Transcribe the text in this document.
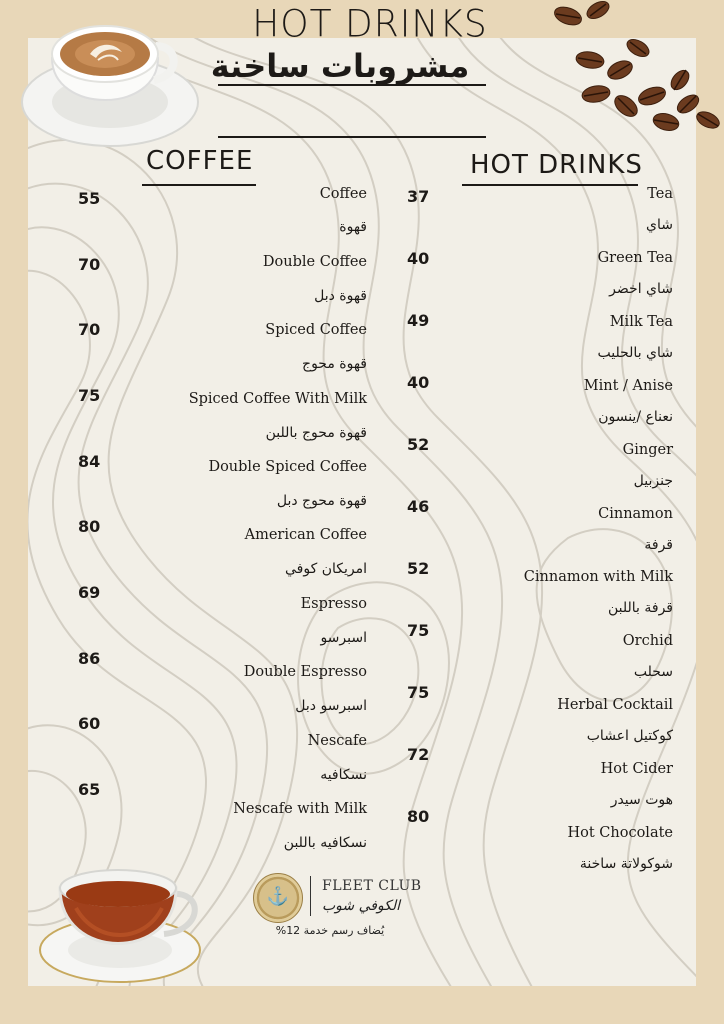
HOT DRINKS
مشروبات ساخنة
COFFEE	HOT DRINKS
Coffee
قهوة
55
Double Coffee
قهوة دبل
70
Spiced Coffee
قهوة محوج
70
Spiced Coffee With Milk
قهوة محوج باللبن
75
Double Spiced Coffee
قهوة محوج دبل
84
American Coffee
امريكان كوفي
80
Espresso
اسبرسو
69
Double Espresso
اسبرسو دبل
86
Nescafe
نسكافيه
60
Nescafe with Milk
نسكافيه باللبن
65
Tea
شاي
37
Green Tea
شاي اخضر
40
Milk Tea
شاي بالحليب
49
Mint / Anise
نعناع /ينسون
40
Ginger
جنزبيل
52
Cinnamon
قرفة
46
Cinnamon with Milk
قرفة باللبن
52
Orchid
سحلب
75
Herbal Cocktail
كوكتيل اعشاب
75
Hot Cider
هوت سيدر
72
Hot Chocolate
شوكولاتة ساخنة
80
⚓	FLEET CLUB
الكوفي شوب
يُضاف رسم خدمة 12%
